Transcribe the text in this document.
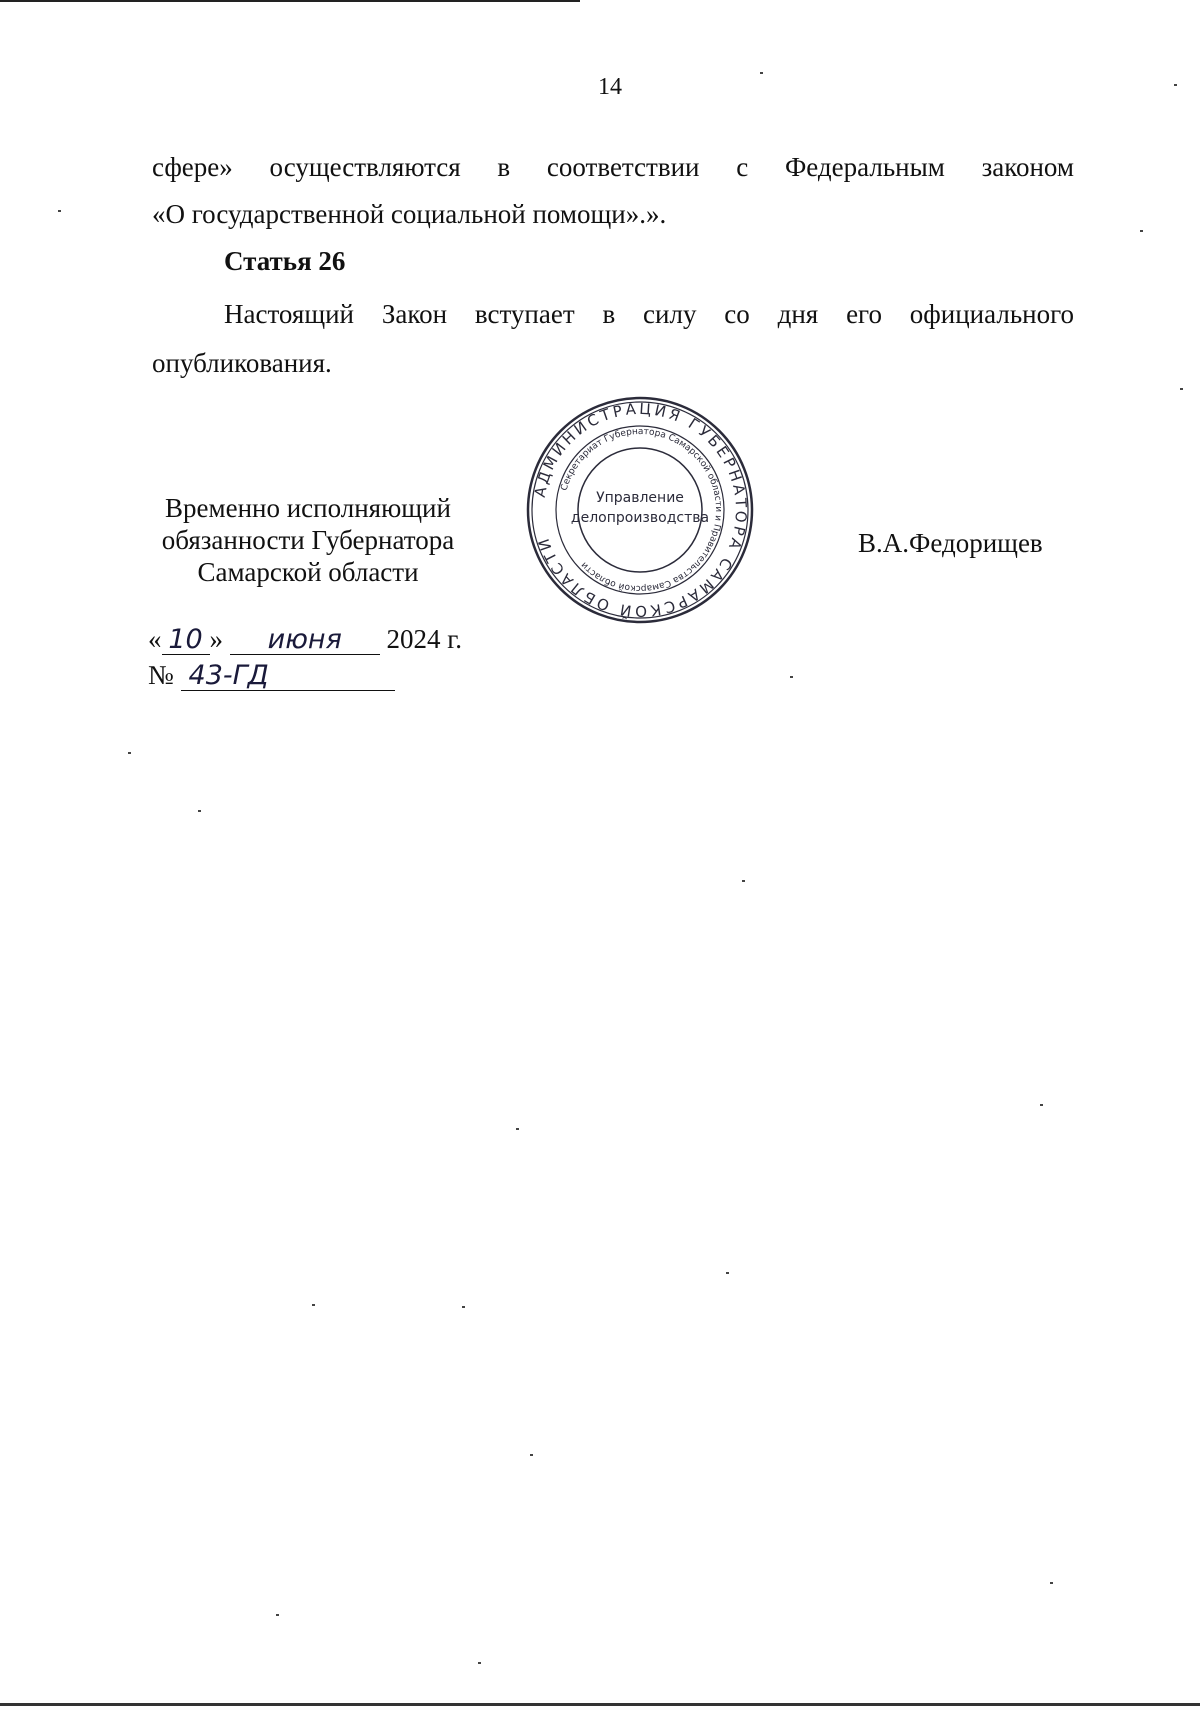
14
сфере» осуществляются в соответствии с Федеральным законом
«О государственной социальной помощи».».
Статья 26
Настоящий Закон вступает в силу со дня его официального
опубликования.
Временно исполняющий
обязанности Губернатора
Самарской области
АДМИНИСТРАЦИЯ ГУБЕРНАТОРА САМАРСКОЙ ОБЛАСТИ
Секретариат Губернатора Самарской области и Правительства Самарской области
Управление
делопроизводства
В.А.Федорищев
« 10 » июня 2024 г.
№ 43-ГД
